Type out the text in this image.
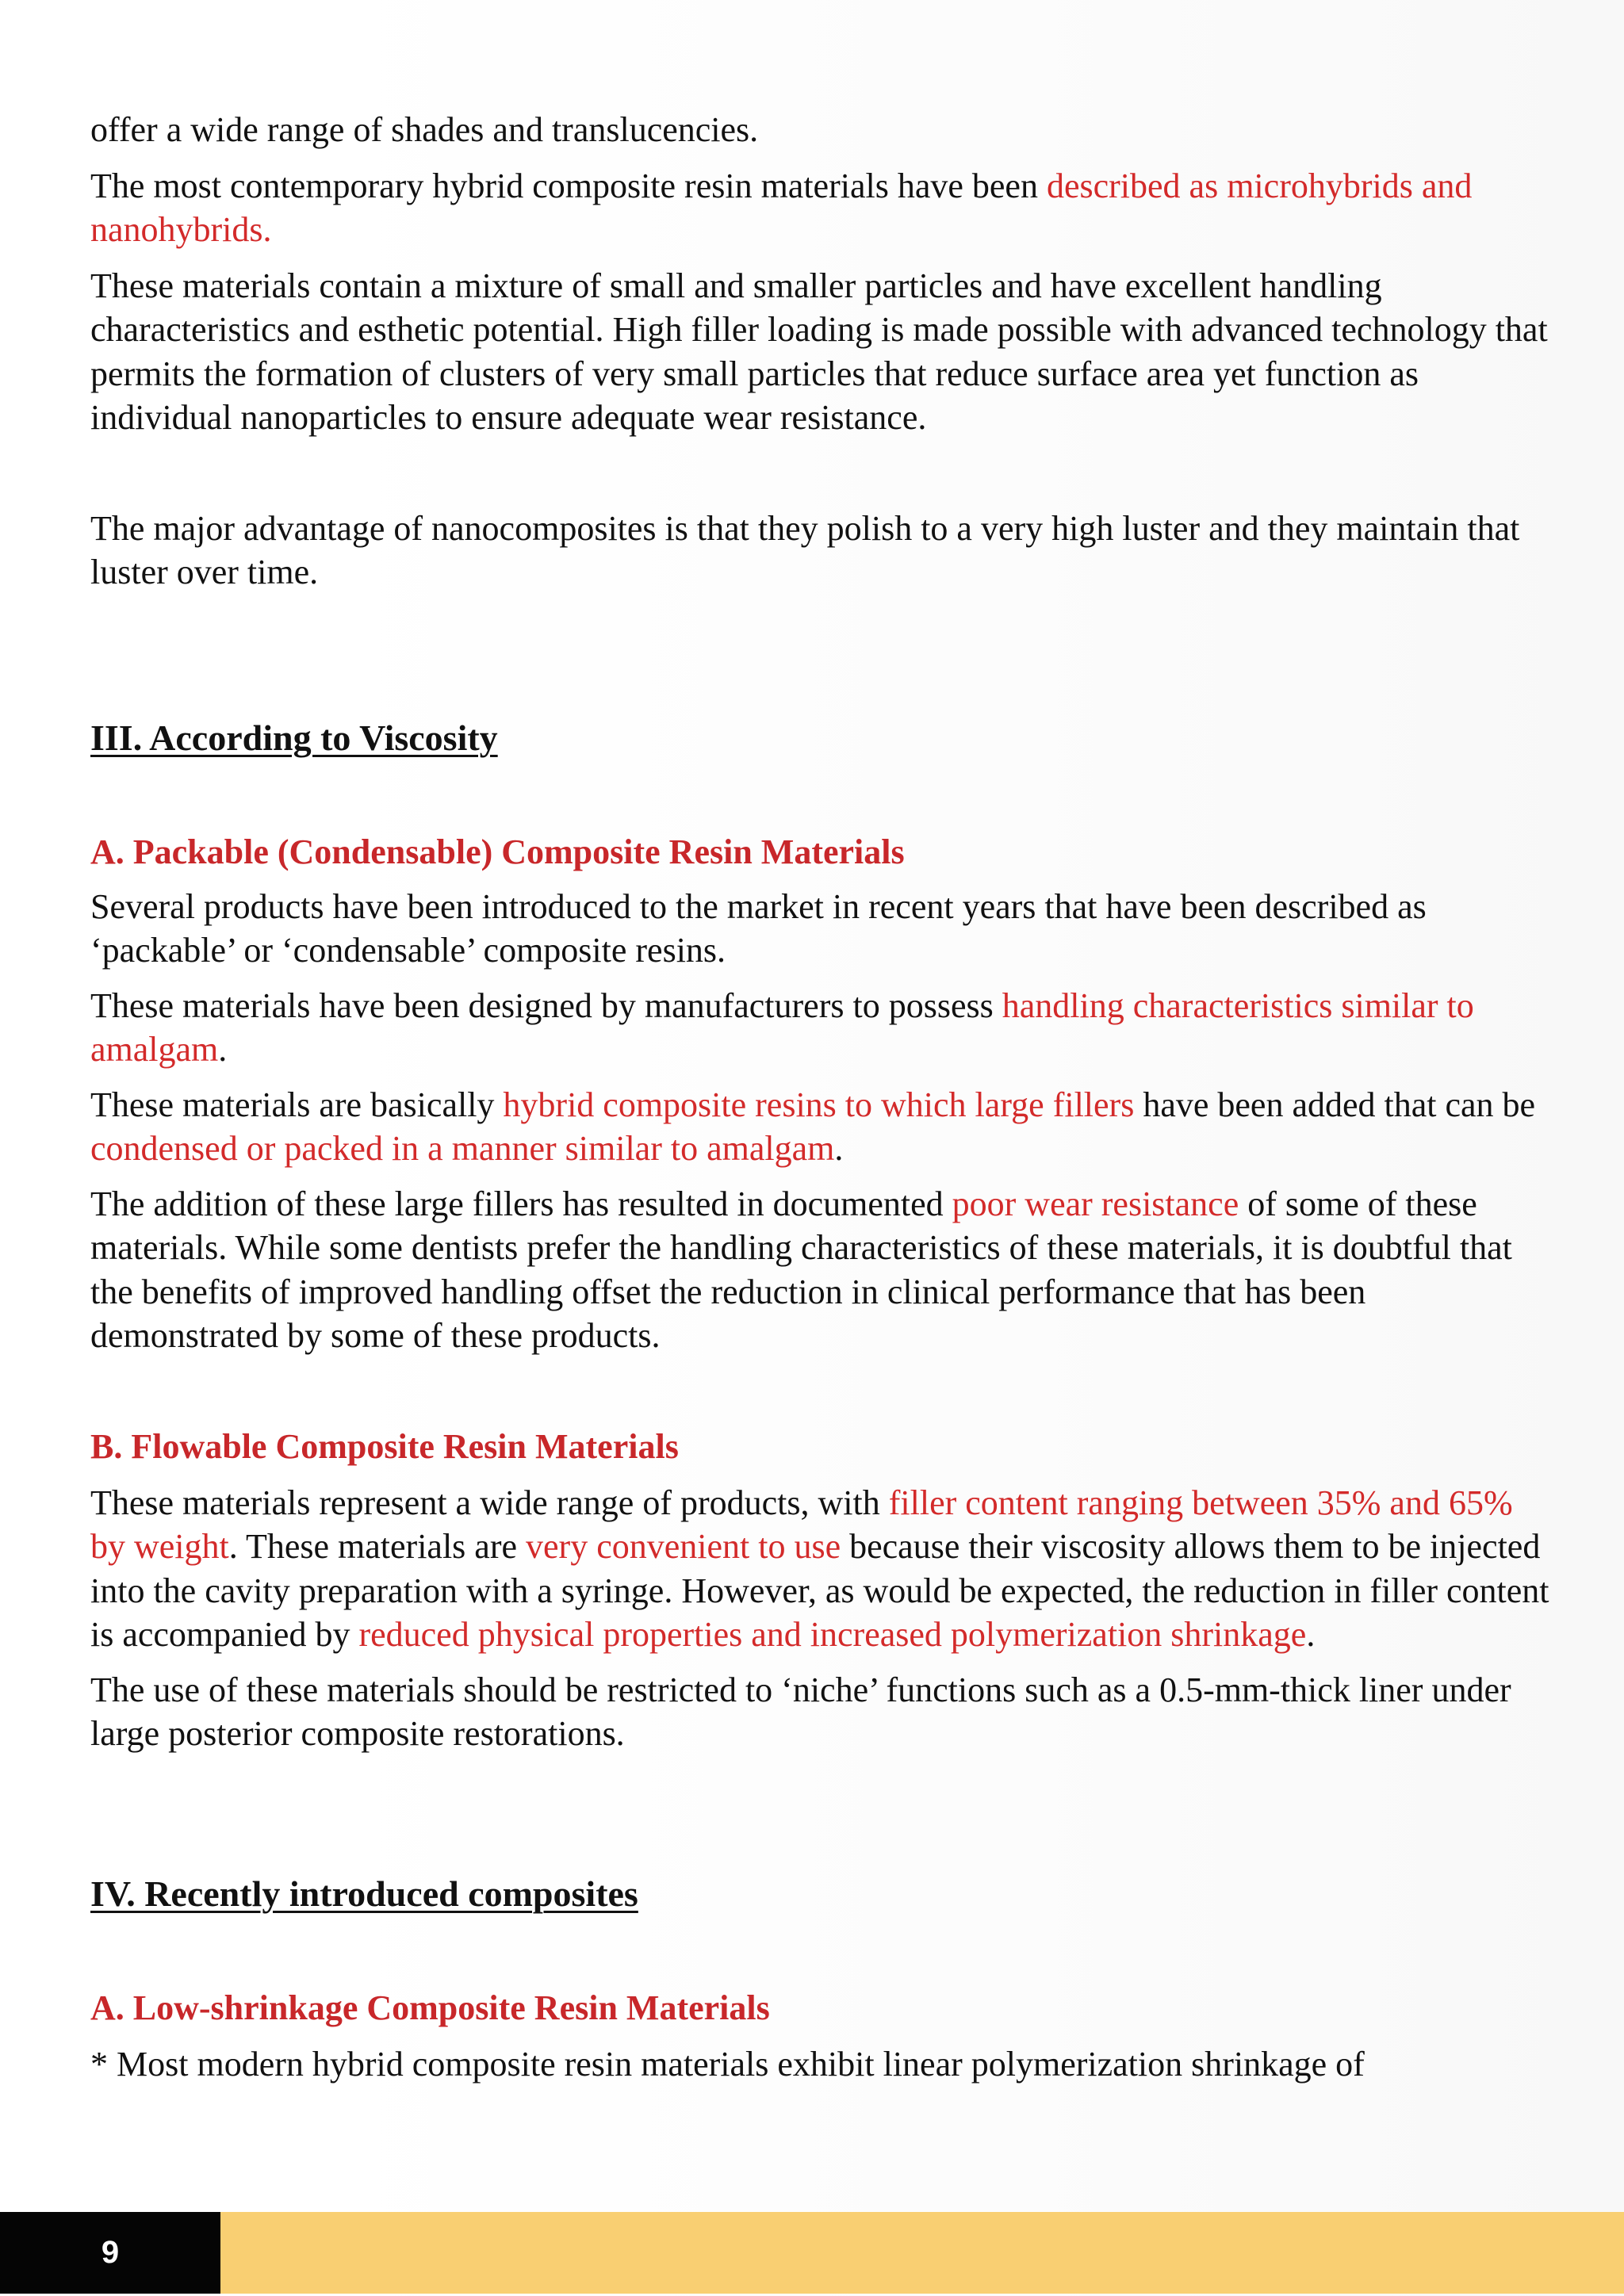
offer a wide range of shades and translucencies.

The most contemporary hybrid composite resin materials have been described as microhybrids and nanohybrids.

These materials contain a mixture of small and smaller particles and have excellent handling characteristics and esthetic potential. High filler loading is made possible with advanced technology that permits the formation of clusters of very small particles that reduce surface area yet function as individual nanoparticles to ensure adequate wear resistance.

The major advantage of nanocomposites is that they polish to a very high luster and they maintain that luster over time.

III. According to Viscosity
A. Packable (Condensable) Composite Resin Materials

Several products have been introduced to the market in recent years that have been described as ‘packable’ or ‘condensable’ composite resins.

These materials have been designed by manufacturers to possess handling characteristics similar to amalgam.

These materials are basically hybrid composite resins to which large fillers have been added that can be condensed or packed in a manner similar to amalgam.

The addition of these large fillers has resulted in documented poor wear resistance of some of these materials. While some dentists prefer the handling characteristics of these materials, it is doubtful that the benefits of improved handling offset the reduction in clinical performance that has been demonstrated by some of these products.

B. Flowable Composite Resin Materials

These materials represent a wide range of products, with filler content ranging between 35% and 65% by weight. These materials are very convenient to use because their viscosity allows them to be injected into the cavity preparation with a syringe. However, as would be expected, the reduction in filler content is accompanied by reduced physical properties and increased polymerization shrinkage.

The use of these materials should be restricted to ‘niche’ functions such as a 0.5-mm-thick liner under large posterior composite restorations.

IV. Recently introduced composites
A. Low-shrinkage Composite Resin Materials

* Most modern hybrid composite resin materials exhibit linear polymerization shrinkage of

9
